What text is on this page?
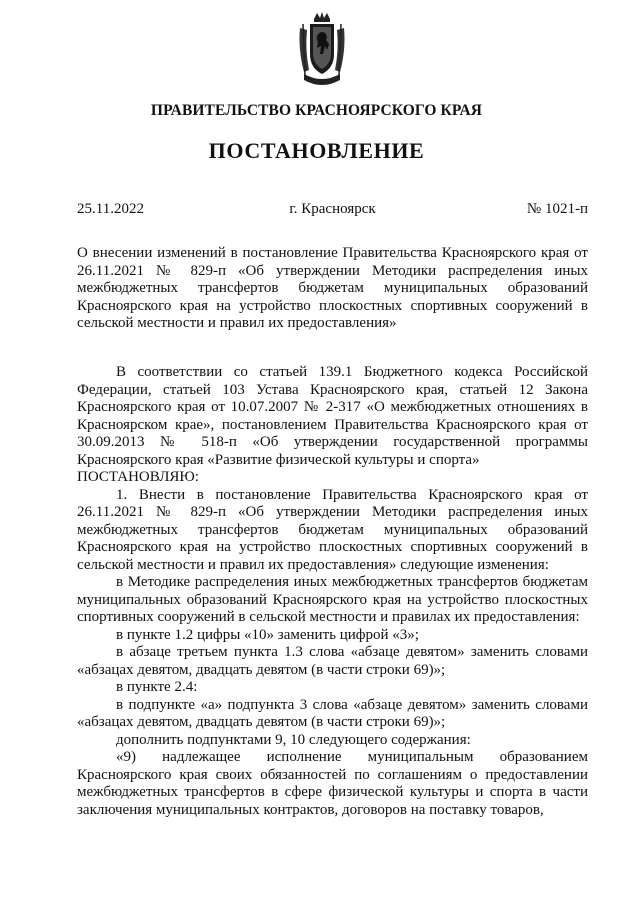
ПРАВИТЕЛЬСТВО КРАСНОЯРСКОГО КРАЯ
ПОСТАНОВЛЕНИЕ
25.11.2022	г. Красноярск	№ 1021-п

О внесении изменений в постановление Правительства Красноярского края от 26.11.2021 № 829-п «Об утверждении Методики распределения иных межбюджетных трансфертов бюджетам муниципальных образований Красноярского края на устройство плоскостных спортивных сооружений в сельской местности и правил их предоставления»

В соответствии со статьей 139.1 Бюджетного кодекса Российской Федерации, статьей 103 Устава Красноярского края, статьей 12 Закона Красноярского края от 10.07.2007 № 2-317 «О межбюджетных отношениях в Красноярском крае», постановлением Правительства Красноярского края от 30.09.2013 № 518-п «Об утверждении государственной программы Красноярского края «Развитие физической культуры и спорта»

ПОСТАНОВЛЯЮ:

1. Внести в постановление Правительства Красноярского края от 26.11.2021 № 829-п «Об утверждении Методики распределения иных межбюджетных трансфертов бюджетам муниципальных образований Красноярского края на устройство плоскостных спортивных сооружений в сельской местности и правил их предоставления» следующие изменения:

в Методике распределения иных межбюджетных трансфертов бюджетам муниципальных образований Красноярского края на устройство плоскостных спортивных сооружений в сельской местности и правилах их предоставления:

в пункте 1.2 цифры «10» заменить цифрой «3»;

в абзаце третьем пункта 1.3 слова «абзаце девятом» заменить словами «абзацах девятом, двадцать девятом (в части строки 69)»;

в пункте 2.4:

в подпункте «а» подпункта 3 слова «абзаце девятом» заменить словами «абзацах девятом, двадцать девятом (в части строки 69)»;

дополнить подпунктами 9, 10 следующего содержания:

«9) надлежащее исполнение муниципальным образованием Красноярского края своих обязанностей по соглашениям о предоставлении межбюджетных трансфертов в сфере физической культуры и спорта в части заключения муниципальных контрактов, договоров на поставку товаров,
